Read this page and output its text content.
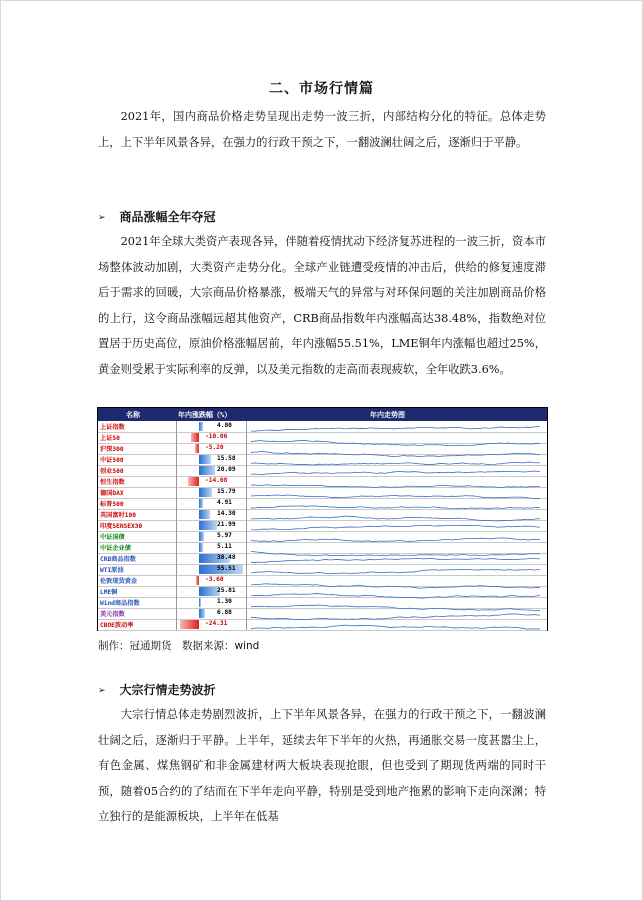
二、市场行情篇

2021年，国内商品价格走势呈现出走势一波三折，内部结构分化的特征。总体走势上，上下半年风景各异，在强力的行政干预之下，一翻波澜壮阔之后，逐渐归于平静。

➢ 商品涨幅全年夺冠

2021年全球大类资产表现各异，伴随着疫情扰动下经济复苏进程的一波三折，资本市场整体波动加剧，大类资产走势分化。全球产业链遭受疫情的冲击后，供给的修复速度滞后于需求的回暖，大宗商品价格暴涨，极端天气的异常与对环保问题的关注加剧商品价格的上行，这令商品涨幅远超其他资产，CRB商品指数年内涨幅高达38.48%，指数绝对位置居于历史高位，原油价格涨幅居前，年内涨幅55.51%，LME铜年内涨幅也超过25%，黄金则受累于实际利率的反弹，以及美元指数的走高而表现疲软，全年收跌3.6%。

名称	年内涨跌幅（%）	年内走势图
上证指数	4.80
上证50	-10.06
沪深300	-5.20
中证500	15.58
创业500	20.09
恒生指数	-14.08
德国DAX	15.79
标普500	4.91
英国富时100	14.30
印度SENSEX30	21.99
中证国债	5.97
中证企业债	5.11
CRB商品指数	38.48
WTI原油	55.51
伦敦现货黄金	-3.60
LME铜	25.81
Wind商品指数	1.30
美元指数	6.88
CBOE波动率	-24.31
制作：冠通期货　数据来源：wind
➢ 大宗行情走势波折

大宗行情总体走势剧烈波折，上下半年风景各异，在强力的行政干预之下，一翻波澜壮阔之后，逐渐归于平静。上半年，延续去年下半年的火热，再通胀交易一度甚嚣尘上，有色金属、煤焦钢矿和非金属建材两大板块表现抢眼，但也受到了期现货两端的同时干预，随着05合约的了结而在下半年走向平静，特别是受到地产拖累的影响下走向深渊；特立独行的是能源板块，上半年在低基
